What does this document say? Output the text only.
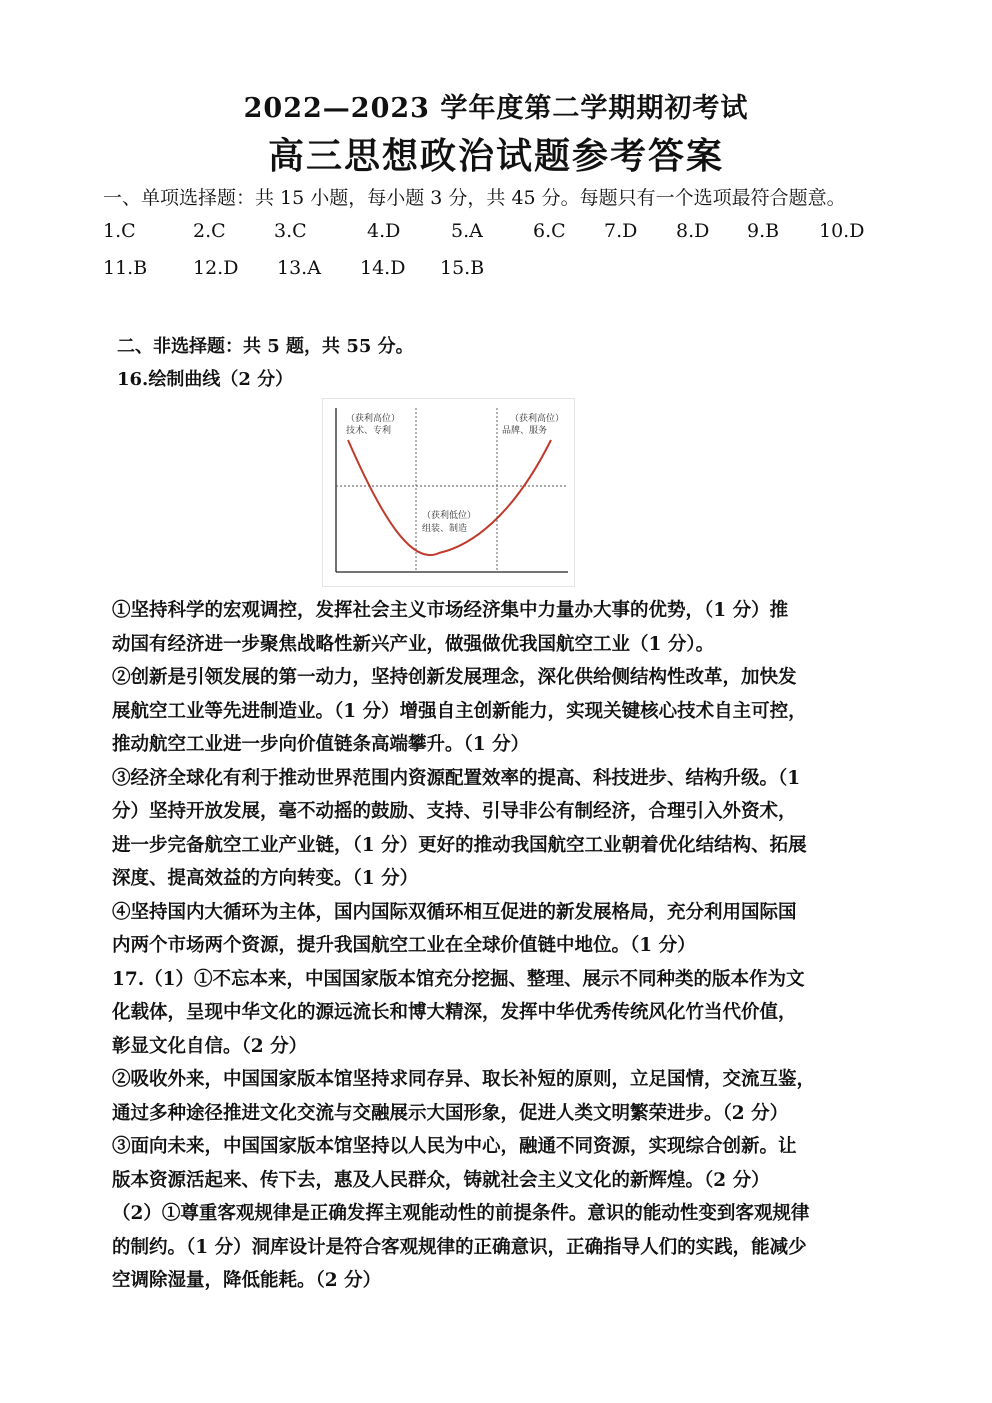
2022—2023 学年度第二学期期初考试
高三思想政治试题参考答案
一、单项选择题：共 15 小题，每小题 3 分，共 45 分。每题只有一个选项最符合题意。
1.C	2.C	3.C	4.D	5.A	6.C 7.D 8.D 9.B 10.D
11.B 12.D 13.A 14.D 15.B
二、非选择题：共 5 题，共 55 分。
16.绘制曲线（2 分）
（获利高位）
技术、专利
（获利高位）
品牌、服务
（获利低位）
组装、制造

①坚持科学的宏观调控，发挥社会主义市场经济集中力量办大事的优势，（1 分）推

动国有经济进一步聚焦战略性新兴产业，做强做优我国航空工业（1 分）。

②创新是引领发展的第一动力，坚持创新发展理念，深化供给侧结构性改革，加快发

展航空工业等先进制造业。（1 分）增强自主创新能力，实现关键核心技术自主可控，

推动航空工业进一步向价值链条高端攀升。（1 分）

③经济全球化有利于推动世界范围内资源配置效率的提高、科技进步、结构升级。（1

分）坚持开放发展，毫不动摇的鼓励、支持、引导非公有制经济，合理引入外资术，

进一步完备航空工业产业链，（1 分）更好的推动我国航空工业朝着优化结结构、拓展

深度、提高效益的方向转变。（1 分）

④坚持国内大循环为主体，国内国际双循环相互促进的新发展格局，充分利用国际国

内两个市场两个资源，提升我国航空工业在全球价值链中地位。（1 分）

17.（1）①不忘本来，中国国家版本馆充分挖掘、整理、展示不同种类的版本作为文

化载体，呈现中华文化的源远流长和博大精深，发挥中华优秀传统风化竹当代价值，

彰显文化自信。（2 分）

②吸收外来，中国国家版本馆坚持求同存异、取长补短的原则，立足国情，交流互鉴，

通过多种途径推进文化交流与交融展示大国形象，促进人类文明繁荣进步。（2 分）

③面向未来，中国国家版本馆坚持以人民为中心，融通不同资源，实现综合创新。让

版本资源活起来、传下去，惠及人民群众，铸就社会主义文化的新辉煌。（2 分）

（2）①尊重客观规律是正确发挥主观能动性的前提条件。意识的能动性变到客观规律

的制约。（1 分）洞库设计是符合客观规律的正确意识，正确指导人们的实践，能减少

空调除湿量，降低能耗。（2 分）
